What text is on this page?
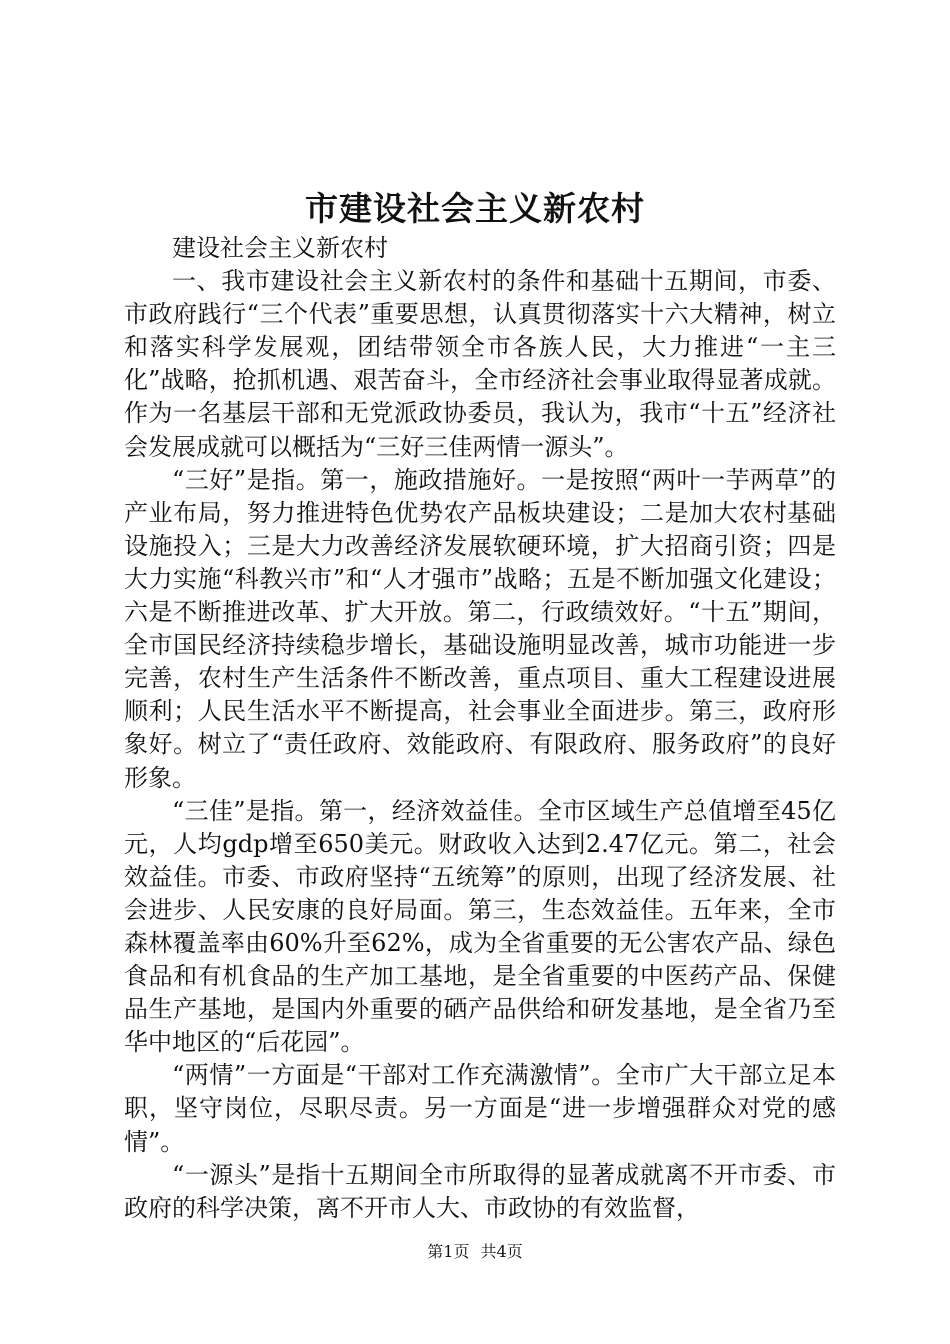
市建设社会主义新农村

建设社会主义新农村

一、我市建设社会主义新农村的条件和基础十五期间，市委、市政府践行“三个代表”重要思想，认真贯彻落实十六大精神，树立和落实科学发展观，团结带领全市各族人民，大力推进“一主三化”战略，抢抓机遇、艰苦奋斗，全市经济社会事业取得显著成就。作为一名基层干部和无党派政协委员，我认为，我市“十五”经济社会发展成就可以概括为“三好三佳两情一源头”。

“三好”是指。第一，施政措施好。一是按照“两叶一芋两草”的产业布局，努力推进特色优势农产品板块建设；二是加大农村基础设施投入；三是大力改善经济发展软硬环境，扩大招商引资；四是大力实施“科教兴市”和“人才强市”战略；五是不断加强文化建设；六是不断推进改革、扩大开放。第二，行政绩效好。“十五”期间，全市国民经济持续稳步增长，基础设施明显改善，城市功能进一步完善，农村生产生活条件不断改善，重点项目、重大工程建设进展顺利；人民生活水平不断提高，社会事业全面进步。第三，政府形象好。树立了“责任政府、效能政府、有限政府、服务政府”的良好形象。

“三佳”是指。第一，经济效益佳。全市区域生产总值增至45亿元，人均gdp增至650美元。财政收入达到2.47亿元。第二，社会效益佳。市委、市政府坚持“五统筹”的原则，出现了经济发展、社会进步、人民安康的良好局面。第三，生态效益佳。五年来，全市森林覆盖率由60%升至62%，成为全省重要的无公害农产品、绿色食品和有机食品的生产加工基地，是全省重要的中医药产品、保健品生产基地，是国内外重要的硒产品供给和研发基地，是全省乃至华中地区的“后花园”。

“两情”一方面是“干部对工作充满激情”。全市广大干部立足本职，坚守岗位，尽职尽责。另一方面是“进一步增强群众对党的感情”。

“一源头”是指十五期间全市所取得的显著成就离不开市委、市政府的科学决策，离不开市人大、市政协的有效监督，

第1页 共4页
